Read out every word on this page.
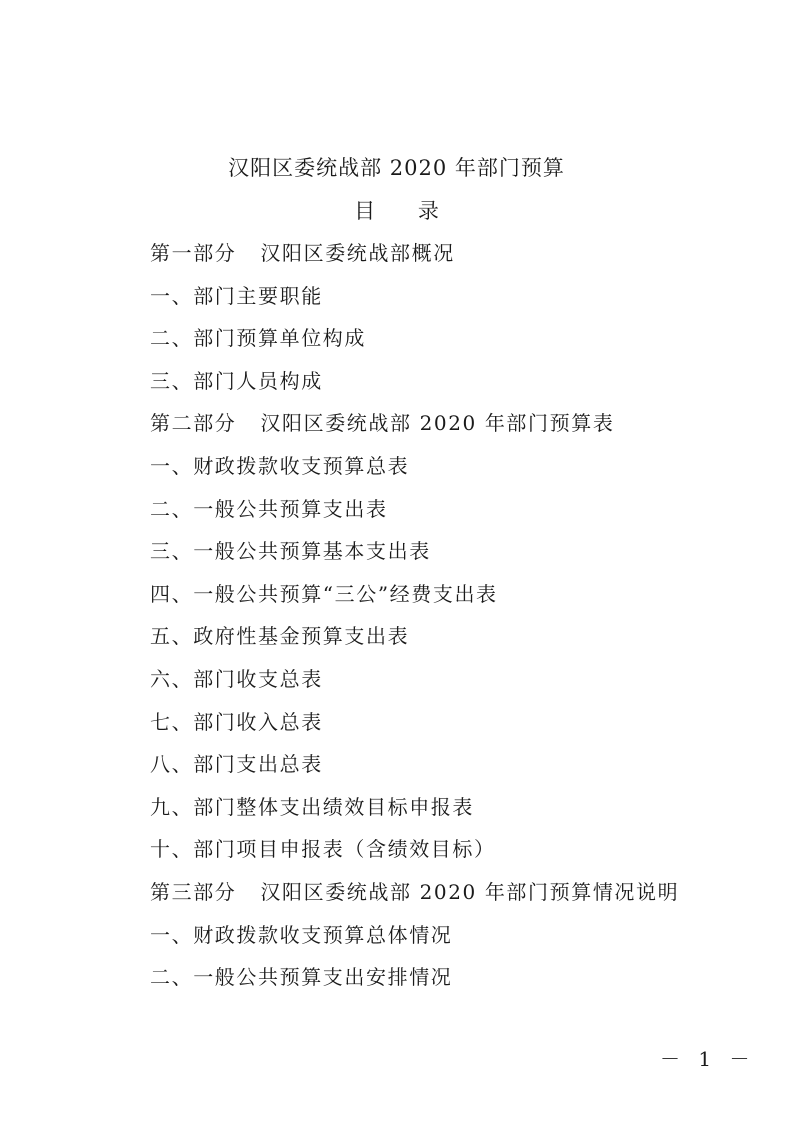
汉阳区委统战部 2020 年部门预算
目 录
第一部分 汉阳区委统战部概况
一、部门主要职能
二、部门预算单位构成
三、部门人员构成
第二部分 汉阳区委统战部 2020 年部门预算表
一、财政拨款收支预算总表
二、一般公共预算支出表
三、一般公共预算基本支出表
四、一般公共预算“三公”经费支出表
五、政府性基金预算支出表
六、部门收支总表
七、部门收入总表
八、部门支出总表
九、部门整体支出绩效目标申报表
十、部门项目申报表（含绩效目标）
第三部分 汉阳区委统战部 2020 年部门预算情况说明
一、财政拨款收支预算总体情况
二、一般公共预算支出安排情况
－ 1 －
